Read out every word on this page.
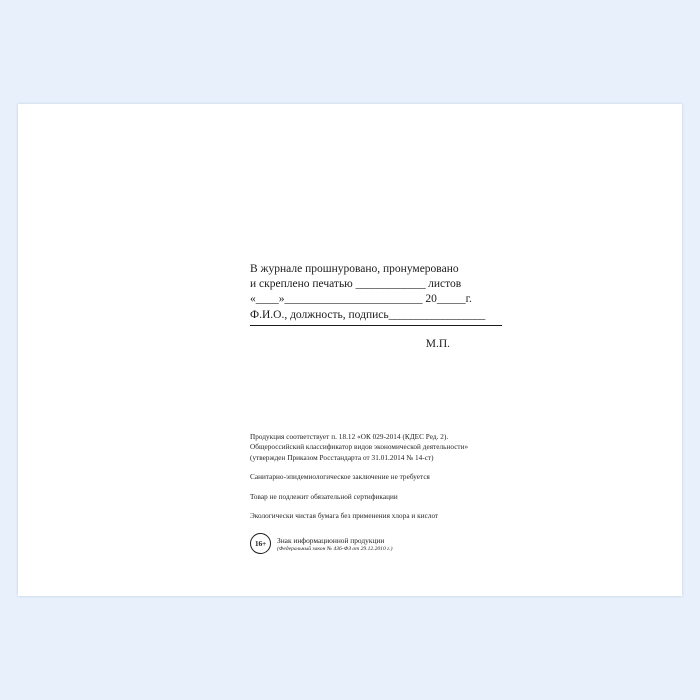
В журнале прошнуровано, пронумеровано
и скреплено печатью _____________ листов
«____»________________________ 20_____г.
Ф.И.О., должность, подпись__________________
М.П.
Продукция соответствует п. 18.12 «ОК 029-2014 (КДЕС Ред. 2).
Общероссийский классификатор видов экономической деятельности»
(утвержден Приказом Росстандарта от 31.01.2014 № 14-ст)
Санитарно-эпидемиологическое заключение не требуется
Товар не подлежит обязательной сертификации
Экологически чистая бумага без применения хлора и кислот
16+	Знак информационной продукции
(Федеральный закон № 436-ФЗ от 29.12.2010 г.)
